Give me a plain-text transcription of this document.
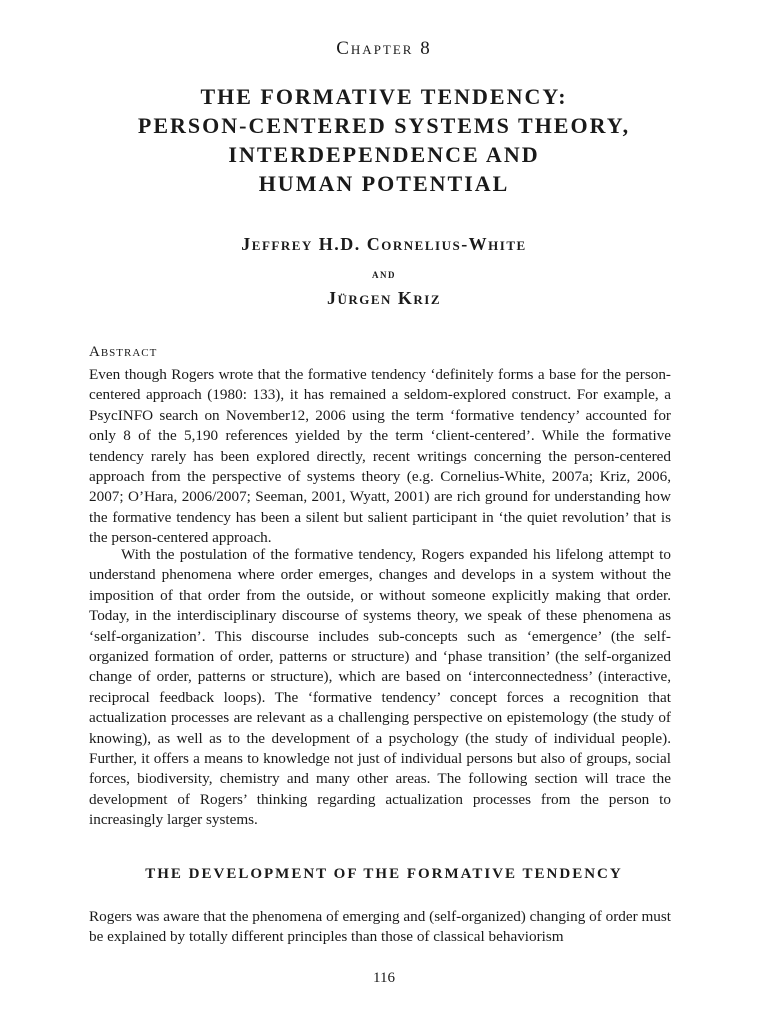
Chapter 8
THE FORMATIVE TENDENCY:
PERSON-CENTERED SYSTEMS THEORY,
INTERDEPENDENCE AND
HUMAN POTENTIAL
Jeffrey H.D. Cornelius-White
and
Jürgen Kriz
Abstract

Even though Rogers wrote that the formative tendency ‘definitely forms a base for the person-centered approach (1980: 133), it has remained a seldom-explored construct. For example, a PsycINFO search on November12, 2006 using the term ‘formative tendency’ accounted for only 8 of the 5,190 references yielded by the term ‘client-centered’. While the formative tendency rarely has been explored directly, recent writings concerning the person-centered approach from the perspective of systems theory (e.g. Cornelius-White, 2007a; Kriz, 2006, 2007; O’Hara, 2006/2007; Seeman, 2001, Wyatt, 2001) are rich ground for understanding how the formative tendency has been a silent but salient participant in ‘the quiet revolution’ that is the person-centered approach.

With the postulation of the formative tendency, Rogers expanded his lifelong attempt to understand phenomena where order emerges, changes and develops in a system without the imposition of that order from the outside, or without someone explicitly making that order. Today, in the interdisciplinary discourse of systems theory, we speak of these phenomena as ‘self-organization’. This discourse includes sub-concepts such as ‘emergence’ (the self-organized formation of order, patterns or structure) and ‘phase transition’ (the self-organized change of order, patterns or structure), which are based on ‘interconnectedness’ (interactive, reciprocal feedback loops). The ‘formative tendency’ concept forces a recognition that actualization processes are relevant as a challenging perspective on epistemology (the study of knowing), as well as to the development of a psychology (the study of individual people). Further, it offers a means to knowledge not just of individual persons but also of groups, social forces, biodiversity, chemistry and many other areas. The following section will trace the development of Rogers’ thinking regarding actualization processes from the person to increasingly larger systems.

THE DEVELOPMENT OF THE FORMATIVE TENDENCY

Rogers was aware that the phenomena of emerging and (self-organized) changing of order must be explained by totally different principles than those of classical behaviorism

116
